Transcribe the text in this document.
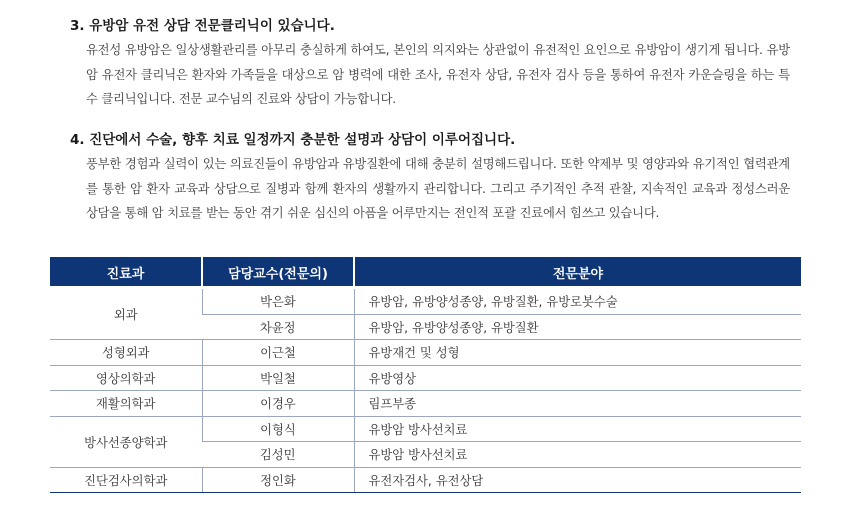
3. 유방암 유전 상담 전문클리닉이 있습니다.

유전성 유방암은 일상생활관리를 아무리 충실하게 하여도, 본인의 의지와는 상관없이 유전적인 요인으로 유방암이 생기게 됩니다. 유방암 유전자 클리닉은 환자와 가족들을 대상으로 암 병력에 대한 조사, 유전자 상담, 유전자 검사 등을 통하여 유전자 카운슬링을 하는 특수 클리닉입니다. 전문 교수님의 진료와 상담이 가능합니다.

4. 진단에서 수술, 향후 치료 일정까지 충분한 설명과 상담이 이루어집니다.

풍부한 경험과 실력이 있는 의료진들이 유방암과 유방질환에 대해 충분히 설명해드립니다. 또한 약제부 및 영양과와 유기적인 협력관계를 통한 암 환자 교육과 상담으로 질병과 함께 환자의 생활까지 관리합니다. 그리고 주기적인 추적 관찰, 지속적인 교육과 정성스러운 상담을 통해 암 치료를 받는 동안 겪기 쉬운 심신의 아픔을 어루만지는 전인적 포괄 진료에서 힘쓰고 있습니다.

진료과	담당교수(전문의)	전문분야
외과	박은화	유방암, 유방양성종양, 유방질환, 유방로봇수술
	차윤정	유방암, 유방양성종양, 유방질환
성형외과	이근철	유방재건 및 성형
영상의학과	박일철	유방영상
재활의학과	이경우	림프부종
방사선종양학과	이형식	유방암 방사선치료
	김성민	유방암 방사선치료
진단검사의학과	정인화	유전자검사, 유전상담
